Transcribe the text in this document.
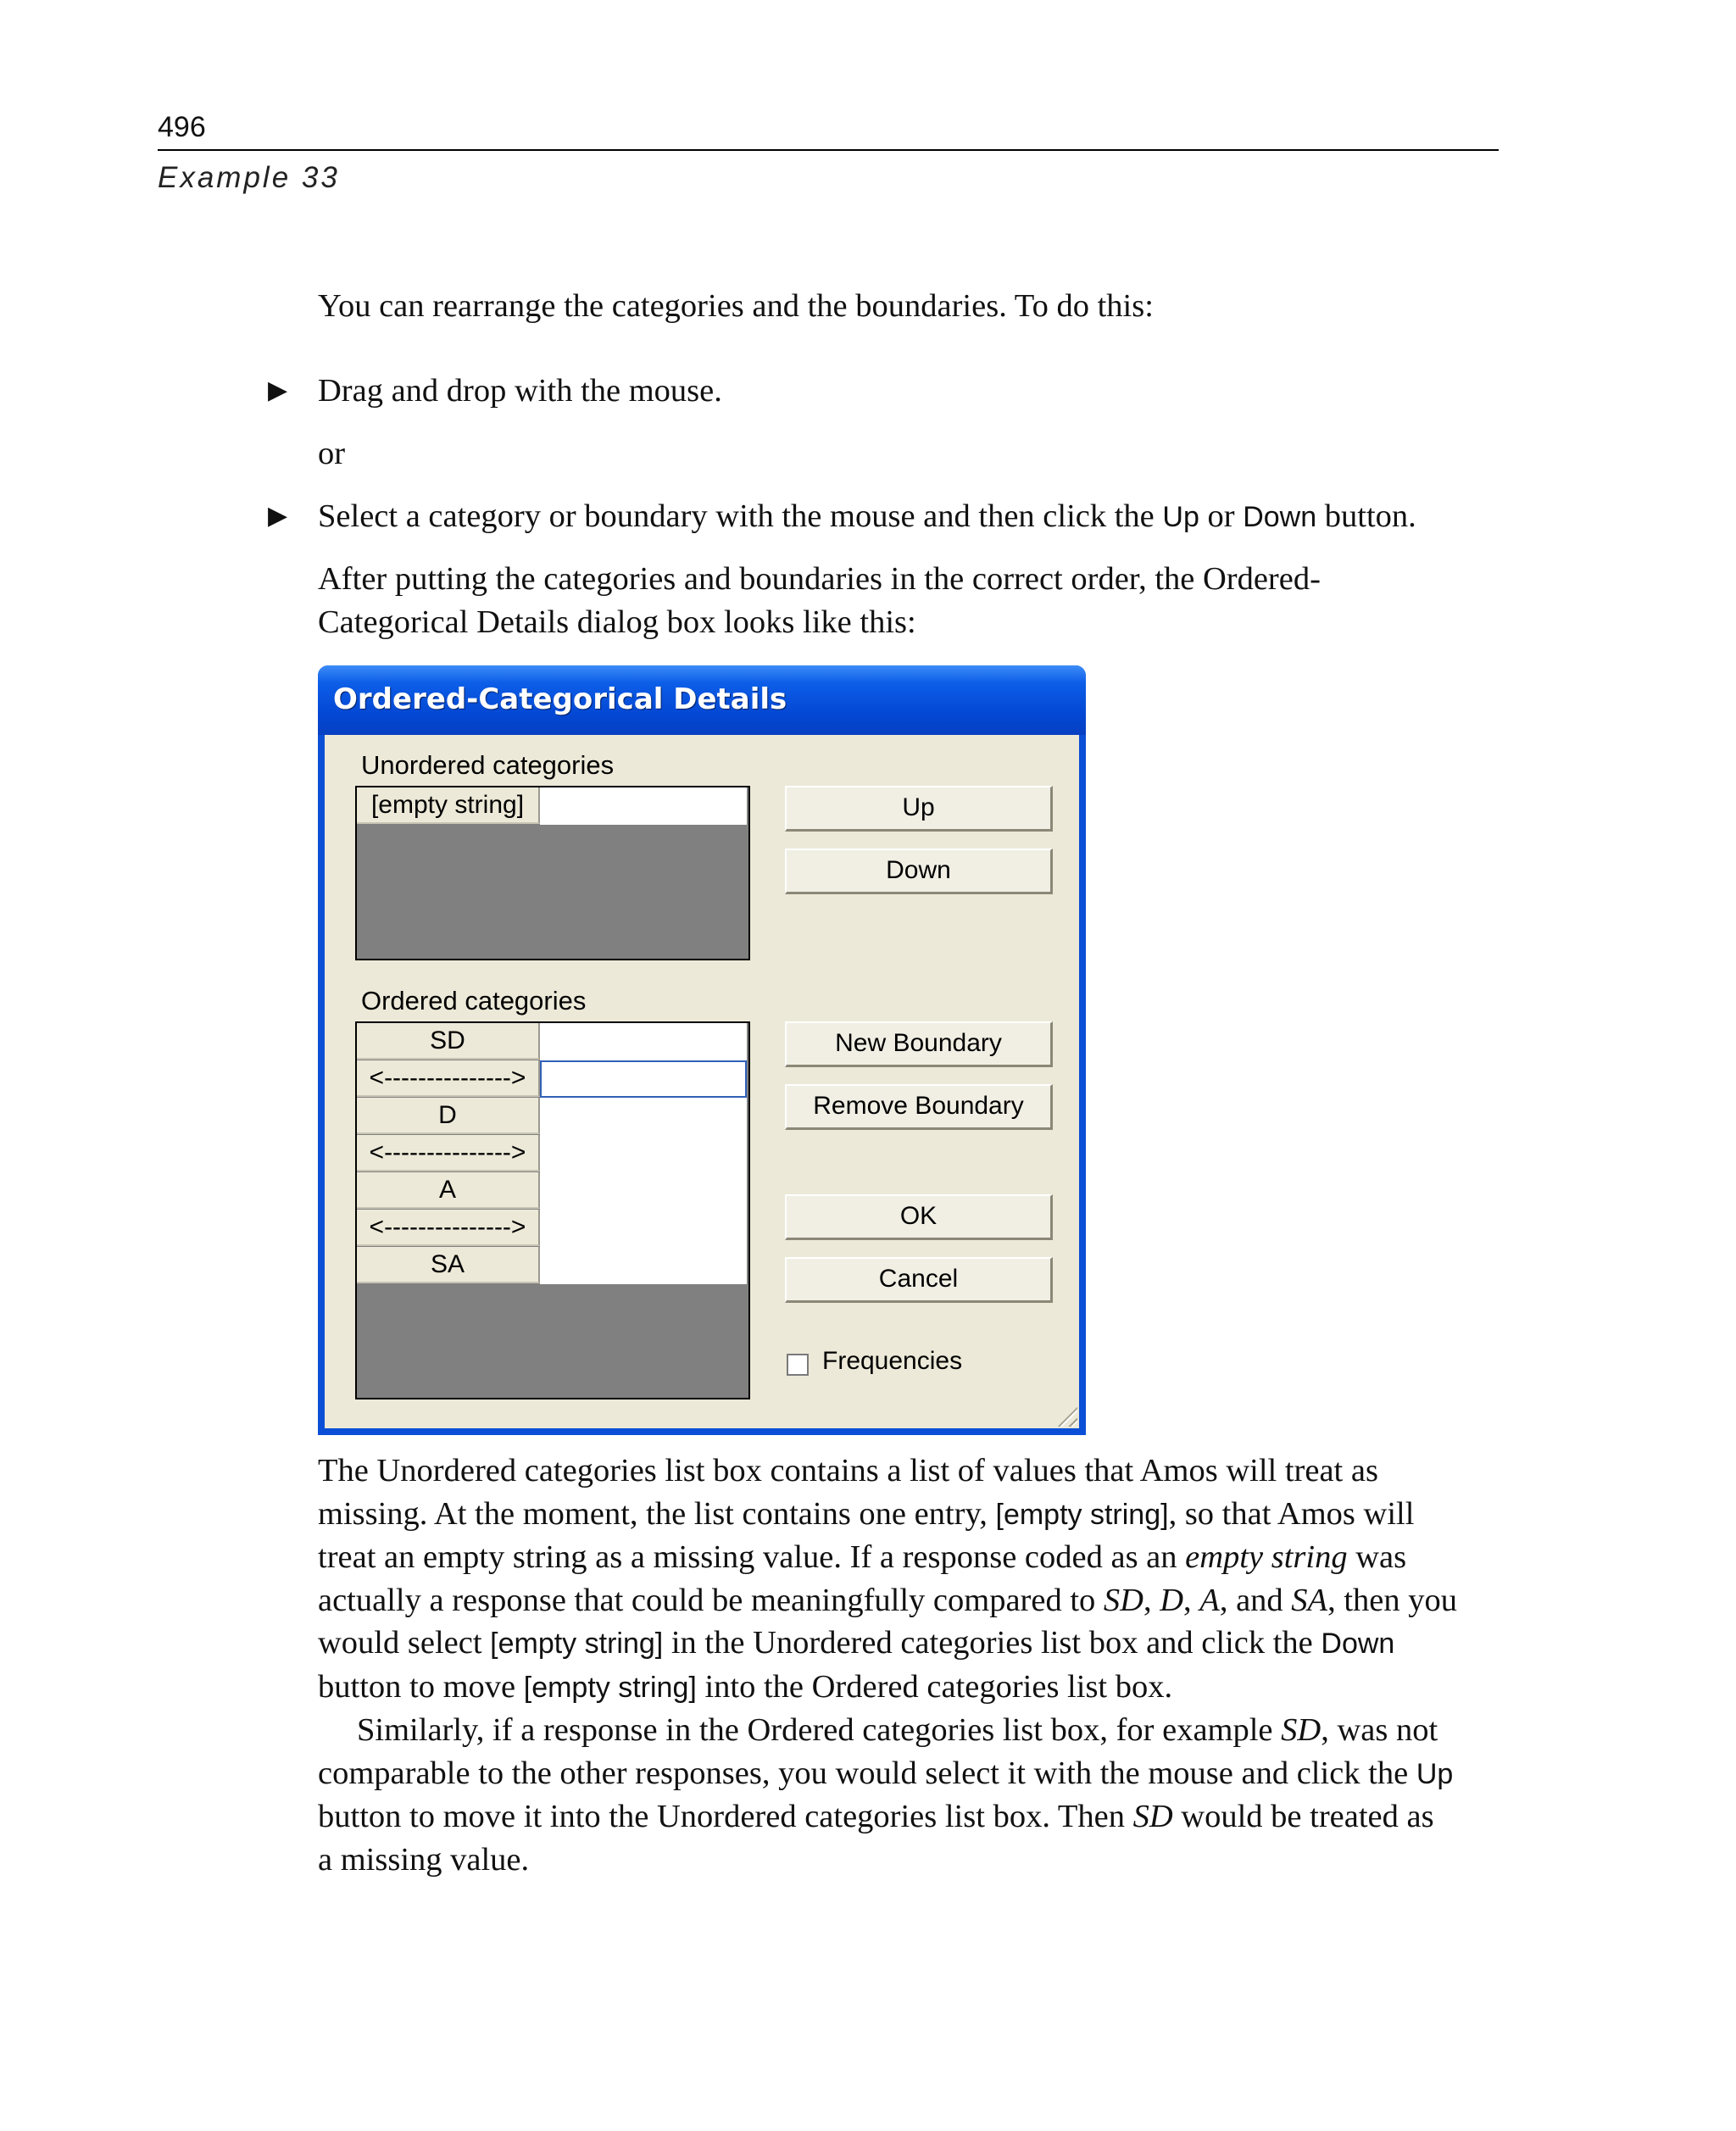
496
Example 33

You can rearrange the categories and the boundaries. To do this:

▶ Drag and drop with the mouse.

or

▶ Select a category or boundary with the mouse and then click the Up or Down button.

After putting the categories and boundaries in the correct order, the Ordered-
Categorical Details dialog box looks like this:

Ordered-Categorical Details
Unordered categories
[empty string]
Ordered categories
SD
<--------------->
D
<--------------->
A
<--------------->
SA
Up
Down
New Boundary
Remove Boundary
OK
Cancel
Frequencies

The Unordered categories list box contains a list of values that Amos will treat as
missing. At the moment, the list contains one entry, [empty string], so that Amos will
treat an empty string as a missing value. If a response coded as an empty string was
actually a response that could be meaningfully compared to SD, D, A, and SA, then you
would select [empty string] in the Unordered categories list box and click the Down
button to move [empty string] into the Ordered categories list box.
Similarly, if a response in the Ordered categories list box, for example SD, was not
comparable to the other responses, you would select it with the mouse and click the Up
button to move it into the Unordered categories list box. Then SD would be treated as
a missing value.
